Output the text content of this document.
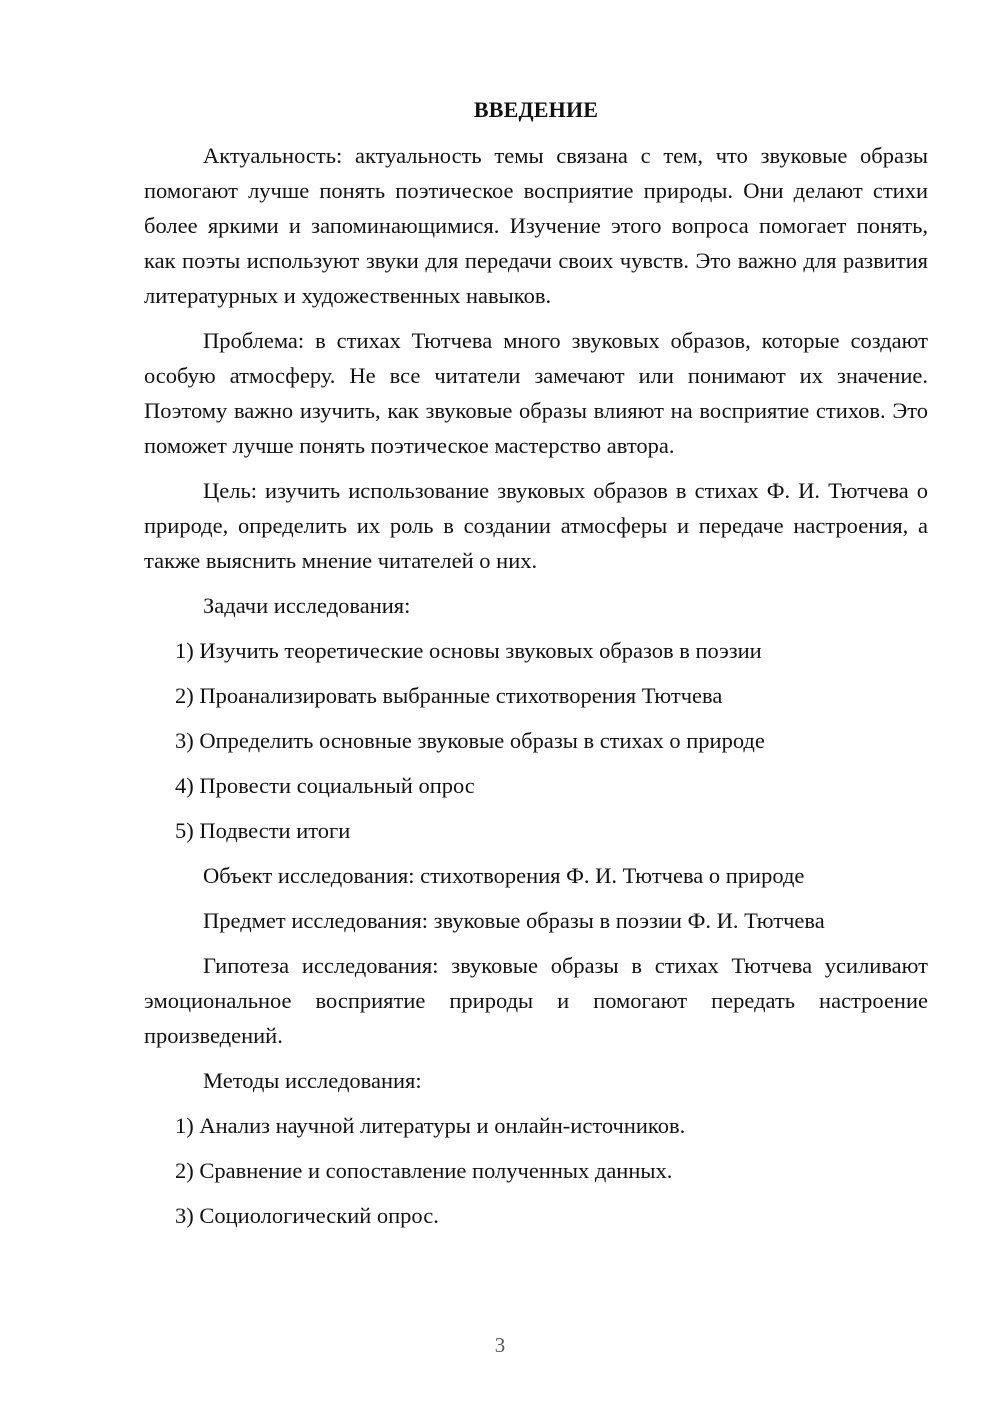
ВВЕДЕНИЕ

Актуальность: актуальность темы связана с тем, что звуковые образы помогают лучше понять поэтическое восприятие природы. Они делают стихи более яркими и запоминающимися. Изучение этого вопроса помогает понять, как поэты используют звуки для передачи своих чувств. Это важно для развития литературных и художественных навыков.

Проблема: в стихах Тютчева много звуковых образов, которые создают особую атмосферу. Не все читатели замечают или понимают их значение. Поэтому важно изучить, как звуковые образы влияют на восприятие стихов. Это поможет лучше понять поэтическое мастерство автора.

Цель: изучить использование звуковых образов в стихах Ф. И. Тютчева о природе, определить их роль в создании атмосферы и передаче настроения, а также выяснить мнение читателей о них.

Задачи исследования:
1) Изучить теоретические основы звуковых образов в поэзии
2) Проанализировать выбранные стихотворения Тютчева
3) Определить основные звуковые образы в стихах о природе
4) Провести социальный опрос
5) Подвести итоги
Объект исследования: стихотворения Ф. И. Тютчева о природе
Предмет исследования: звуковые образы в поэзии Ф. И. Тютчева

Гипотеза исследования: звуковые образы в стихах Тютчева усиливают эмоциональное восприятие природы и помогают передать настроение произведений.

Методы исследования:
1) Анализ научной литературы и онлайн-источников.
2) Сравнение и сопоставление полученных данных.
3) Социологический опрос.
3
